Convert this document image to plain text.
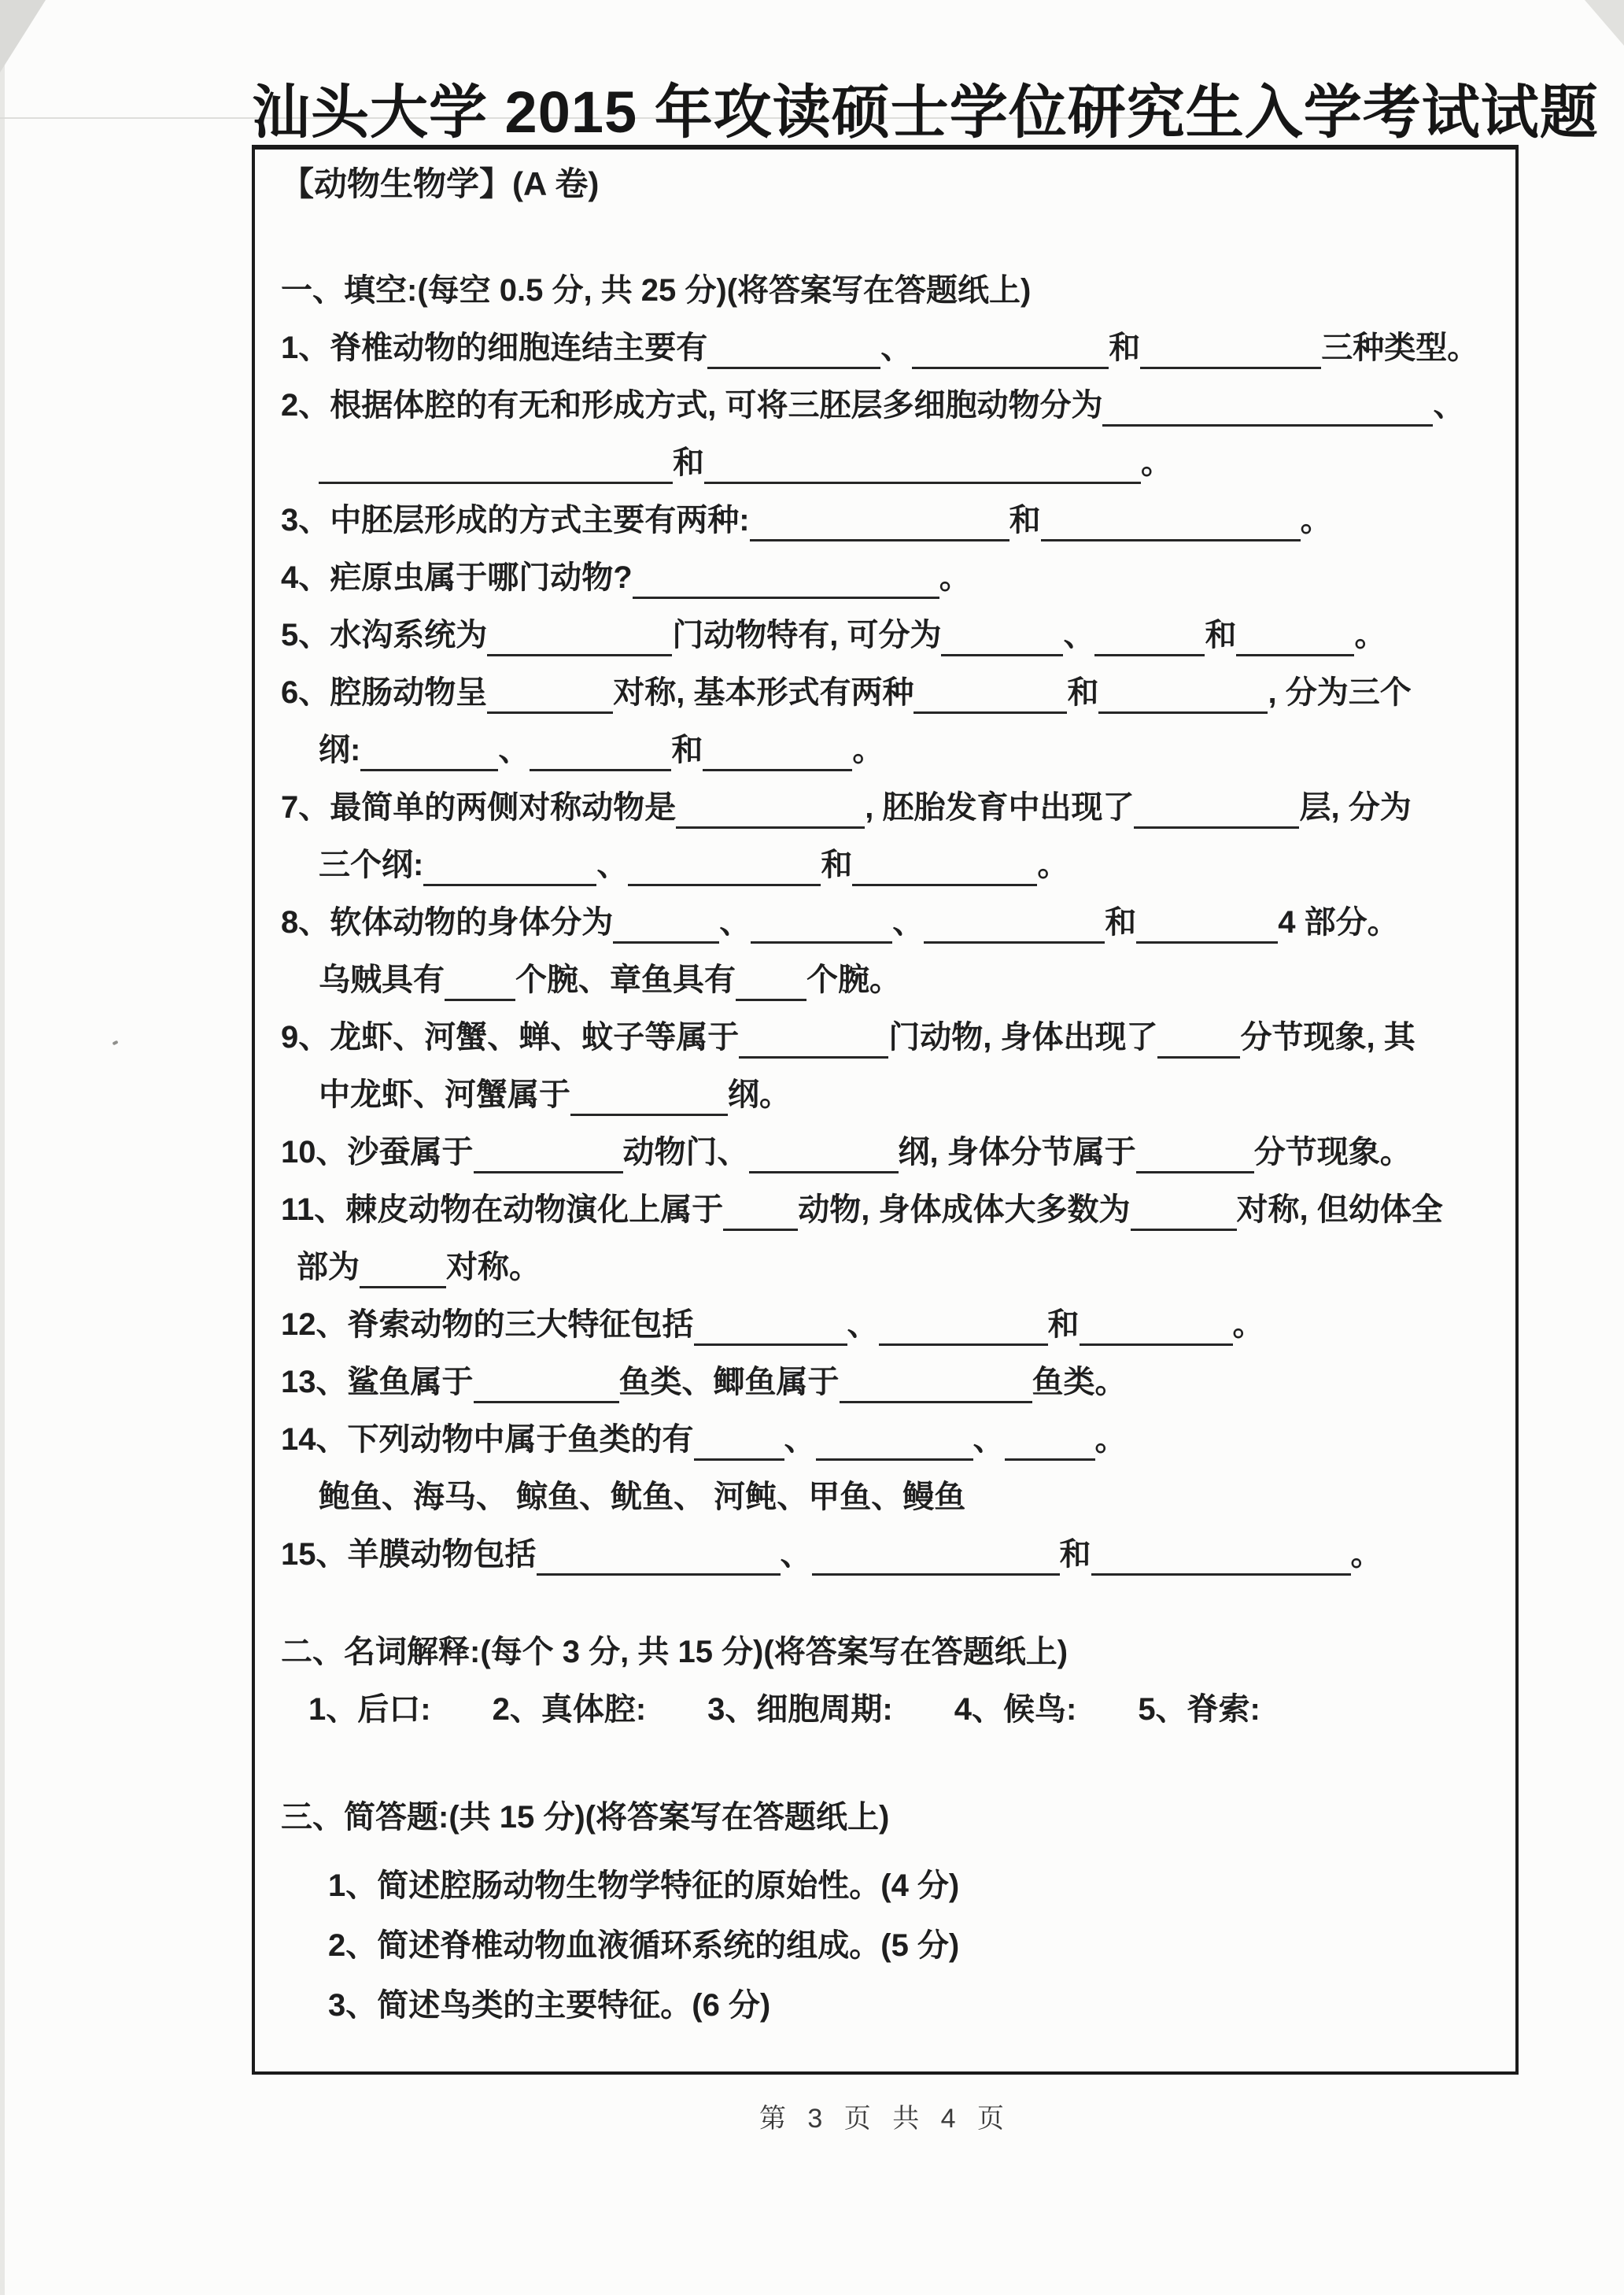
汕头大学 2015 年攻读硕士学位研究生入学考试试题
【动物生物学】(A 卷)
一、填空:(每空 0.5 分, 共 25 分)(将答案写在答题纸上)
1、脊椎动物的细胞连结主要有	、	和	三种类型。
2、根据体腔的有无和形成方式, 可将三胚层多细胞动物分为	、
和	。
3、中胚层形成的方式主要有两种:	和	。
4、疟原虫属于哪门动物?	。
5、水沟系统为	门动物特有, 可分为	、	和	。
6、腔肠动物呈	对称, 基本形式有两种	和	, 分为三个
纲:	、	和	。
7、最简单的两侧对称动物是	, 胚胎发育中出现了	层, 分为
三个纲:	、	和	。
8、软体动物的身体分为	、	、	和	4 部分。
乌贼具有 个腕、章鱼具有 个腕。
9、龙虾、河蟹、蝉、蚊子等属于	门动物, 身体出现了	分节现象, 其
中龙虾、河蟹属于	纲。
10、沙蚕属于	动物门、	纲, 身体分节属于	分节现象。
11、棘皮动物在动物演化上属于 动物, 身体成体大多数为	对称, 但幼体全
部为	对称。
12、脊索动物的三大特征包括	、	和	。
13、鲨鱼属于	鱼类、鲫鱼属于	鱼类。
14、下列动物中属于鱼类的有	、	、	。
鲍鱼、海马、 鲸鱼、鱿鱼、 河鲀、甲鱼、鳗鱼
15、羊膜动物包括	、	和	。
二、名词解释:(每个 3 分, 共 15 分)(将答案写在答题纸上)
1、后口: 2、真体腔: 3、细胞周期: 4、候鸟: 5、脊索:
三、简答题:(共 15 分)(将答案写在答题纸上)
1、简述腔肠动物生物学特征的原始性。(4 分)
2、简述脊椎动物血液循环系统的组成。(5 分)
3、简述鸟类的主要特征。(6 分)
第 3 页 共 4 页
